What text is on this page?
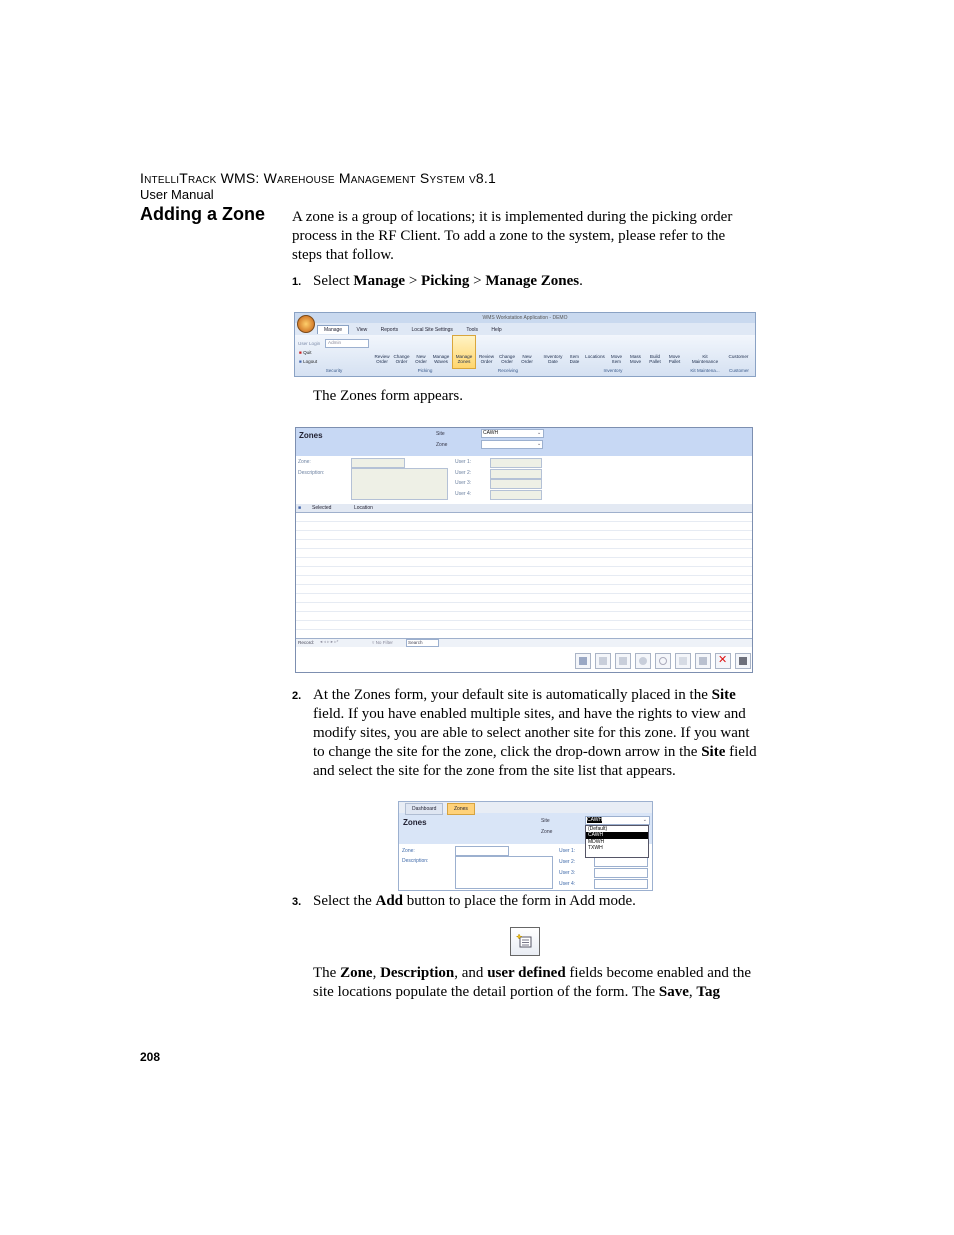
IntelliTrack WMS: Warehouse Management System v8.1
User Manual
Adding a Zone A zone is a group of locations; it is implemented during the picking order process in the RF Client. To add a zone to the system, please refer to the steps that follow.
1. Select Manage > Picking > Manage Zones.
WMS Workstation Application - DEMO
Manage	View	Reports	Local Site Settings	Tools	Help
User Login	Admin
■ Quit
■ Logout
Review
Order
Change
Order
New
Order
Manage
Waves
Manage
Zones
Review
Order
Change
Order
New
Order
Inventory
Date
Item
Date
Locations	Move
Item
Mass
Move
Build
Pallet
Move
Pallet
Kit
Maintenance
Customer
Security	Picking	Receiving	Inventory	Kit Maintena...	Customer
The Zones form appears.
Zones	Site	CAWH	⌄
Zone	⌄
Zone:
Description:
User 1:
User 2:
User 3:
User 4:
■ Selected	Location
Record: ◂ ◃ ▹ ▸ ▹*	▿ No Filter	Search
✕
2. At the Zones form, your default site is automatically placed in the Site field. If you have enabled multiple sites, and have the rights to view and modify sites, you are able to select another site for this zone. If you want to change the site for the zone, click the drop-down arrow in the Site field and select the site for the zone from the site list that appears.
Dashboard	Zones
Zones	Site	CAWH	⌄
Zone
Zone:
Description:
User 1:
User 2:
User 3:
User 4:
(Default)
CAWH
MDWH
TXWH
3. Select the Add button to place the form in Add mode.
The Zone, Description, and user defined fields become enabled and the site locations populate the detail portion of the form. The Save, Tag
208
